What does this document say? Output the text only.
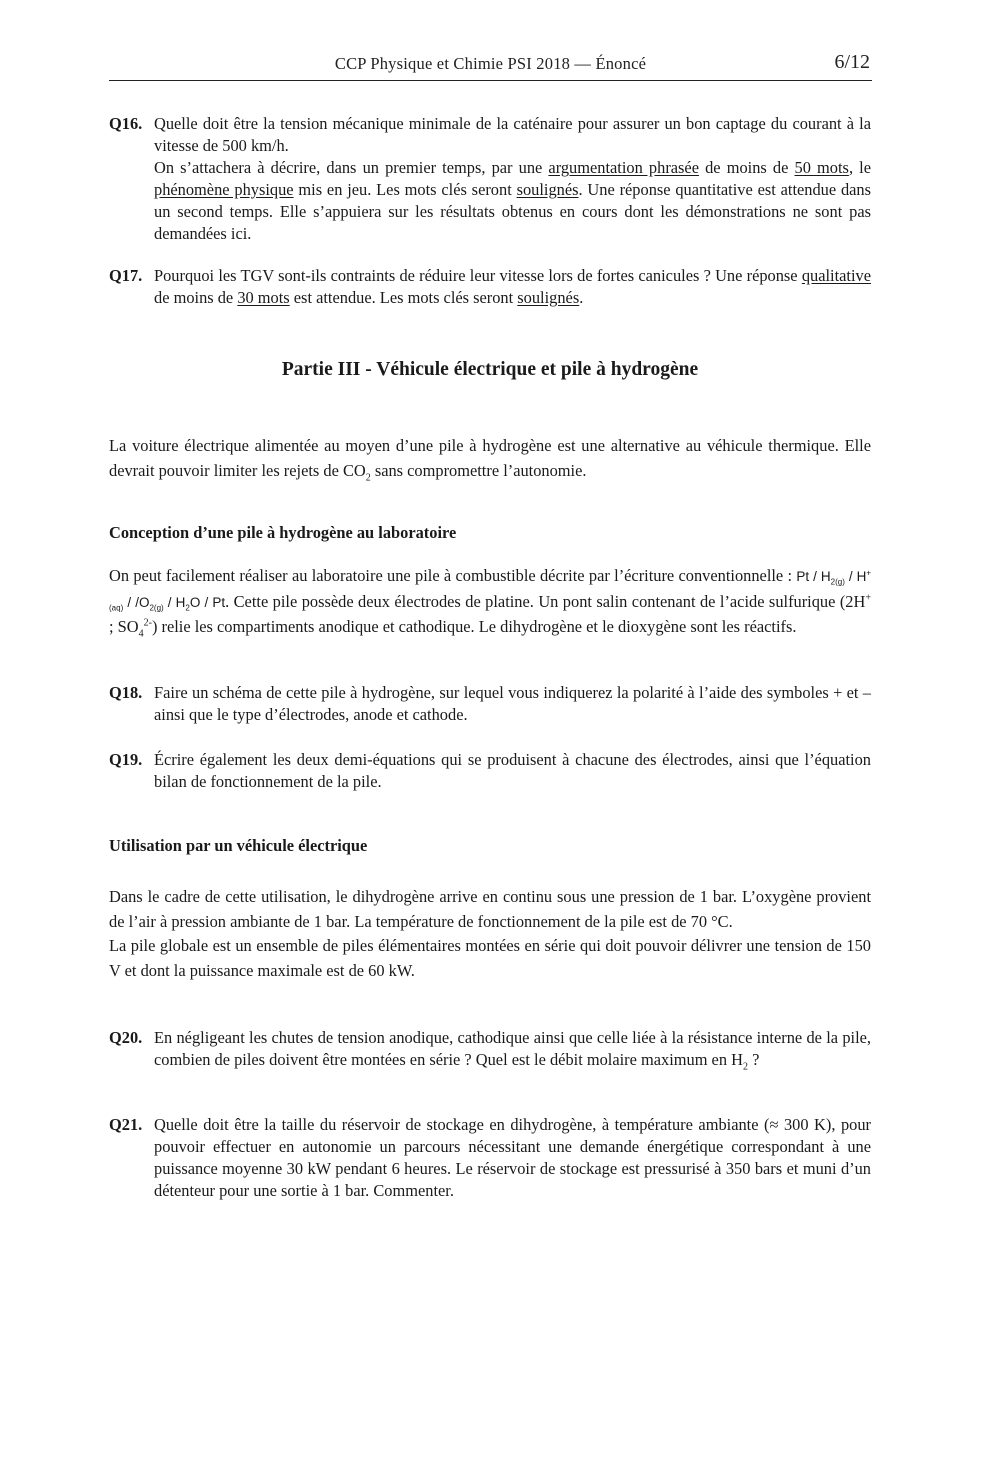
CCP Physique et Chimie PSI 2018 — Énoncé	6/12
Q16. Quelle doit être la tension mécanique minimale de la caténaire pour assurer un bon captage du courant à la vitesse de 500 km/h.

On s’attachera à décrire, dans un premier temps, par une argumentation phrasée de moins de 50 mots, le phénomène physique mis en jeu. Les mots clés seront soulignés. Une réponse quantitative est attendue dans un second temps. Elle s’appuiera sur les résultats obtenus en cours dont les démonstrations ne sont pas demandées ici.

Q17. Pourquoi les TGV sont-ils contraints de réduire leur vitesse lors de fortes canicules ? Une réponse qualitative de moins de 30 mots est attendue. Les mots clés seront soulignés.

Partie III - Véhicule électrique et pile à hydrogène

La voiture électrique alimentée au moyen d’une pile à hydrogène est une alternative au véhicule thermique. Elle devrait pouvoir limiter les rejets de $CO_2$ sans compromettre l’autonomie.

Conception d’une pile à hydrogène au laboratoire

On peut facilement réaliser au laboratoire une pile à combustible décrite par l’écriture conventionnelle : Pt / $H_{2(g)} / H^+_{(aq)} / /O_{2(g)} / H_2O$ / Pt. Cette pile possède deux électrodes de platine. Un pont salin contenant de l’acide sulfurique (2H+ ; $SO_4^{2-}$) relie les compartiments anodique et cathodique. Le dihydrogène et le dioxygène sont les réactifs.

Q18. Faire un schéma de cette pile à hydrogène, sur lequel vous indiquerez la polarité à l’aide des symboles + et – ainsi que le type d’électrodes, anode et cathode.

Q19. Écrire également les deux demi-équations qui se produisent à chacune des électrodes, ainsi que l’équation bilan de fonctionnement de la pile.

Utilisation par un véhicule électrique

Dans le cadre de cette utilisation, le dihydrogène arrive en continu sous une pression de 1 bar. L’oxygène provient de l’air à pression ambiante de 1 bar. La température de fonctionnement de la pile est de 70 °C.

La pile globale est un ensemble de piles élémentaires montées en série qui doit pouvoir délivrer une tension de 150 V et dont la puissance maximale est de 60 kW.

Q20. En négligeant les chutes de tension anodique, cathodique ainsi que celle liée à la résistance interne de la pile, combien de piles doivent être montées en série ? Quel est le débit molaire maximum en $H_2$ ?

Q21. Quelle doit être la taille du réservoir de stockage en dihydrogène, à température ambiante (≈ 300 K), pour pouvoir effectuer en autonomie un parcours nécessitant une demande énergétique correspondant à une puissance moyenne 30 kW pendant 6 heures. Le réservoir de stockage est pressurisé à 350 bars et muni d’un détenteur pour une sortie à 1 bar. Commenter.
